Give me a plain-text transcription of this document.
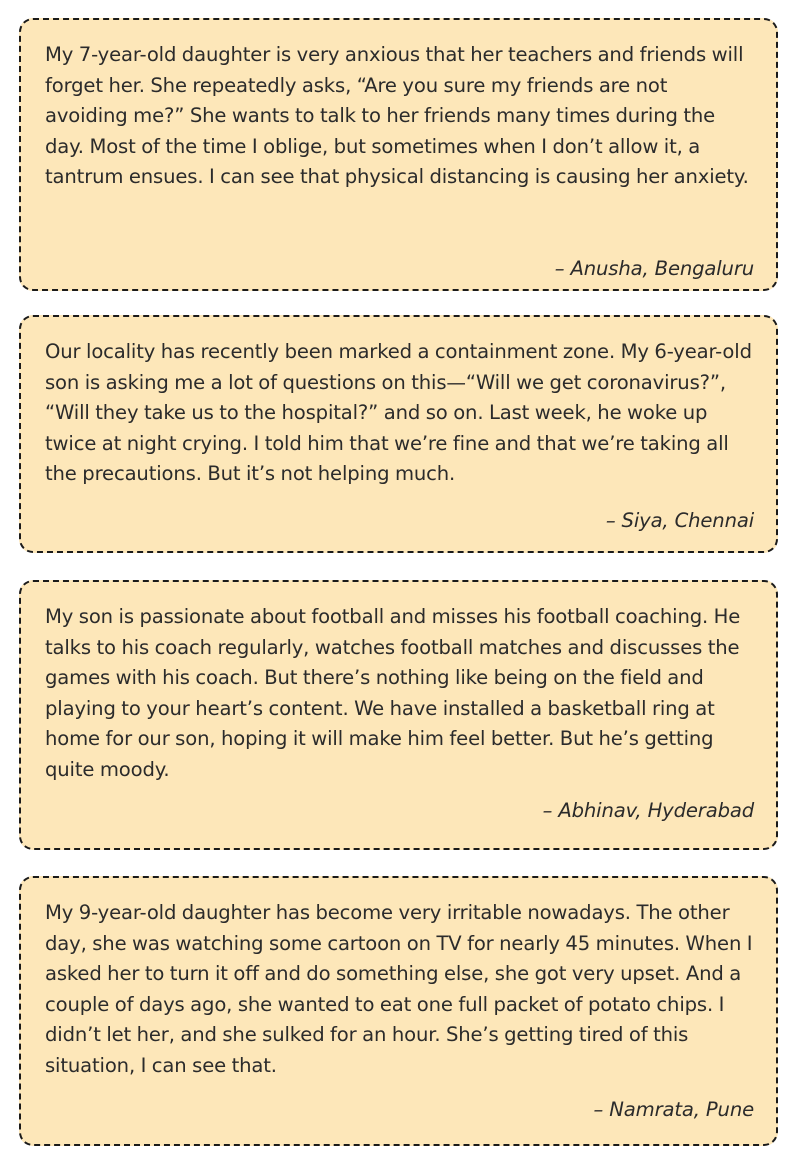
My 7-year-old daughter is very anxious that her teachers and friends will forget her. She repeatedly asks, “Are you sure my friends are not avoiding me?” She wants to talk to her friends many times during the day. Most of the time I oblige, but sometimes when I don’t allow it, a tantrum ensues. I can see that physical distancing is causing her anxiety.

– Anusha, Bengaluru

Our locality has recently been marked a containment zone. My 6-year-old son is asking me a lot of questions on this—“Will we get coronavirus?”, “Will they take us to the hospital?” and so on. Last week, he woke up twice at night crying. I told him that we’re fine and that we’re taking all the precautions. But it’s not helping much.

– Siya, Chennai

My son is passionate about football and misses his football coaching. He talks to his coach regularly, watches football matches and discusses the games with his coach. But there’s nothing like being on the field and playing to your heart’s content. We have installed a basketball ring at home for our son, hoping it will make him feel better. But he’s getting quite moody.

– Abhinav, Hyderabad

My 9-year-old daughter has become very irritable nowadays. The other day, she was watching some cartoon on TV for nearly 45 minutes. When I asked her to turn it off and do something else, she got very upset. And a couple of days ago, she wanted to eat one full packet of potato chips. I didn’t let her, and she sulked for an hour. She’s getting tired of this situation, I can see that.

– Namrata, Pune
